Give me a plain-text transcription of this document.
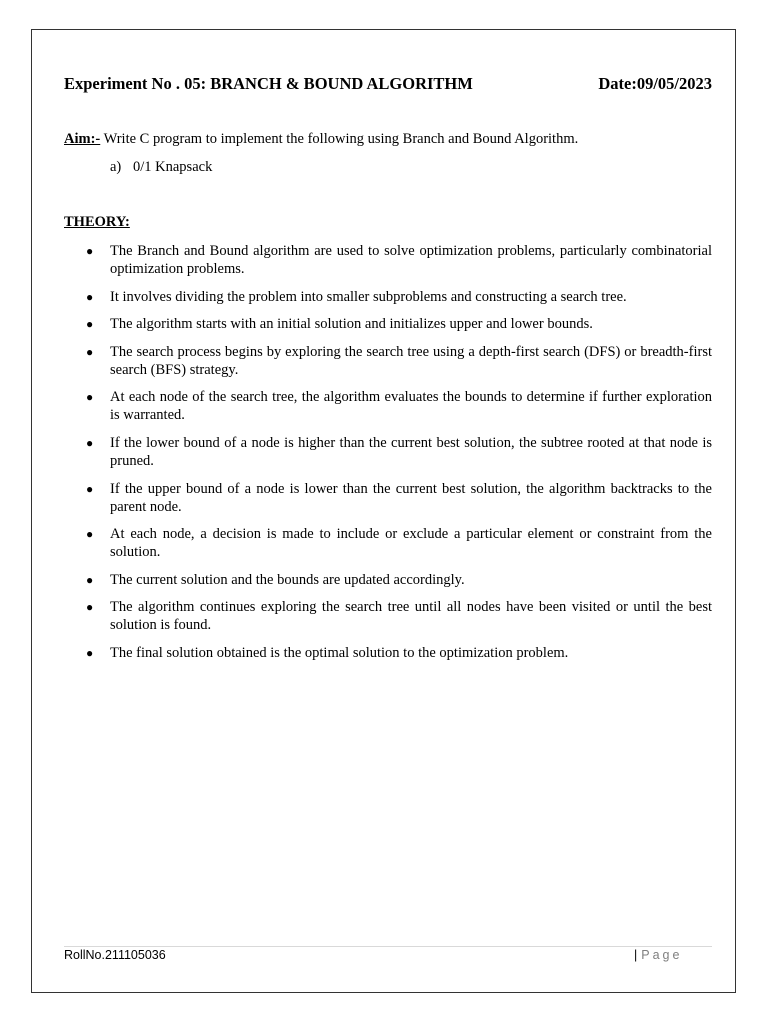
Experiment No . 05: BRANCH & BOUND ALGORITHM	Date:09/05/2023
Aim:- Write C program to implement the following using Branch and Bound Algorithm.
a) 0/1 Knapsack
THEORY:
● The Branch and Bound algorithm are used to solve optimization problems, particularly combinatorial optimization problems.
● It involves dividing the problem into smaller subproblems and constructing a search tree.
● The algorithm starts with an initial solution and initializes upper and lower bounds.
● The search process begins by exploring the search tree using a depth-first search (DFS) or breadth-first search (BFS) strategy.
● At each node of the search tree, the algorithm evaluates the bounds to determine if further exploration is warranted.
● If the lower bound of a node is higher than the current best solution, the subtree rooted at that node is pruned.
● If the upper bound of a node is lower than the current best solution, the algorithm backtracks to the parent node.
● At each node, a decision is made to include or exclude a particular element or constraint from the solution.
● The current solution and the bounds are updated accordingly.
● The algorithm continues exploring the search tree until all nodes have been visited or until the best solution is found.
● The final solution obtained is the optimal solution to the optimization problem.
RollNo.211105036	| Page
